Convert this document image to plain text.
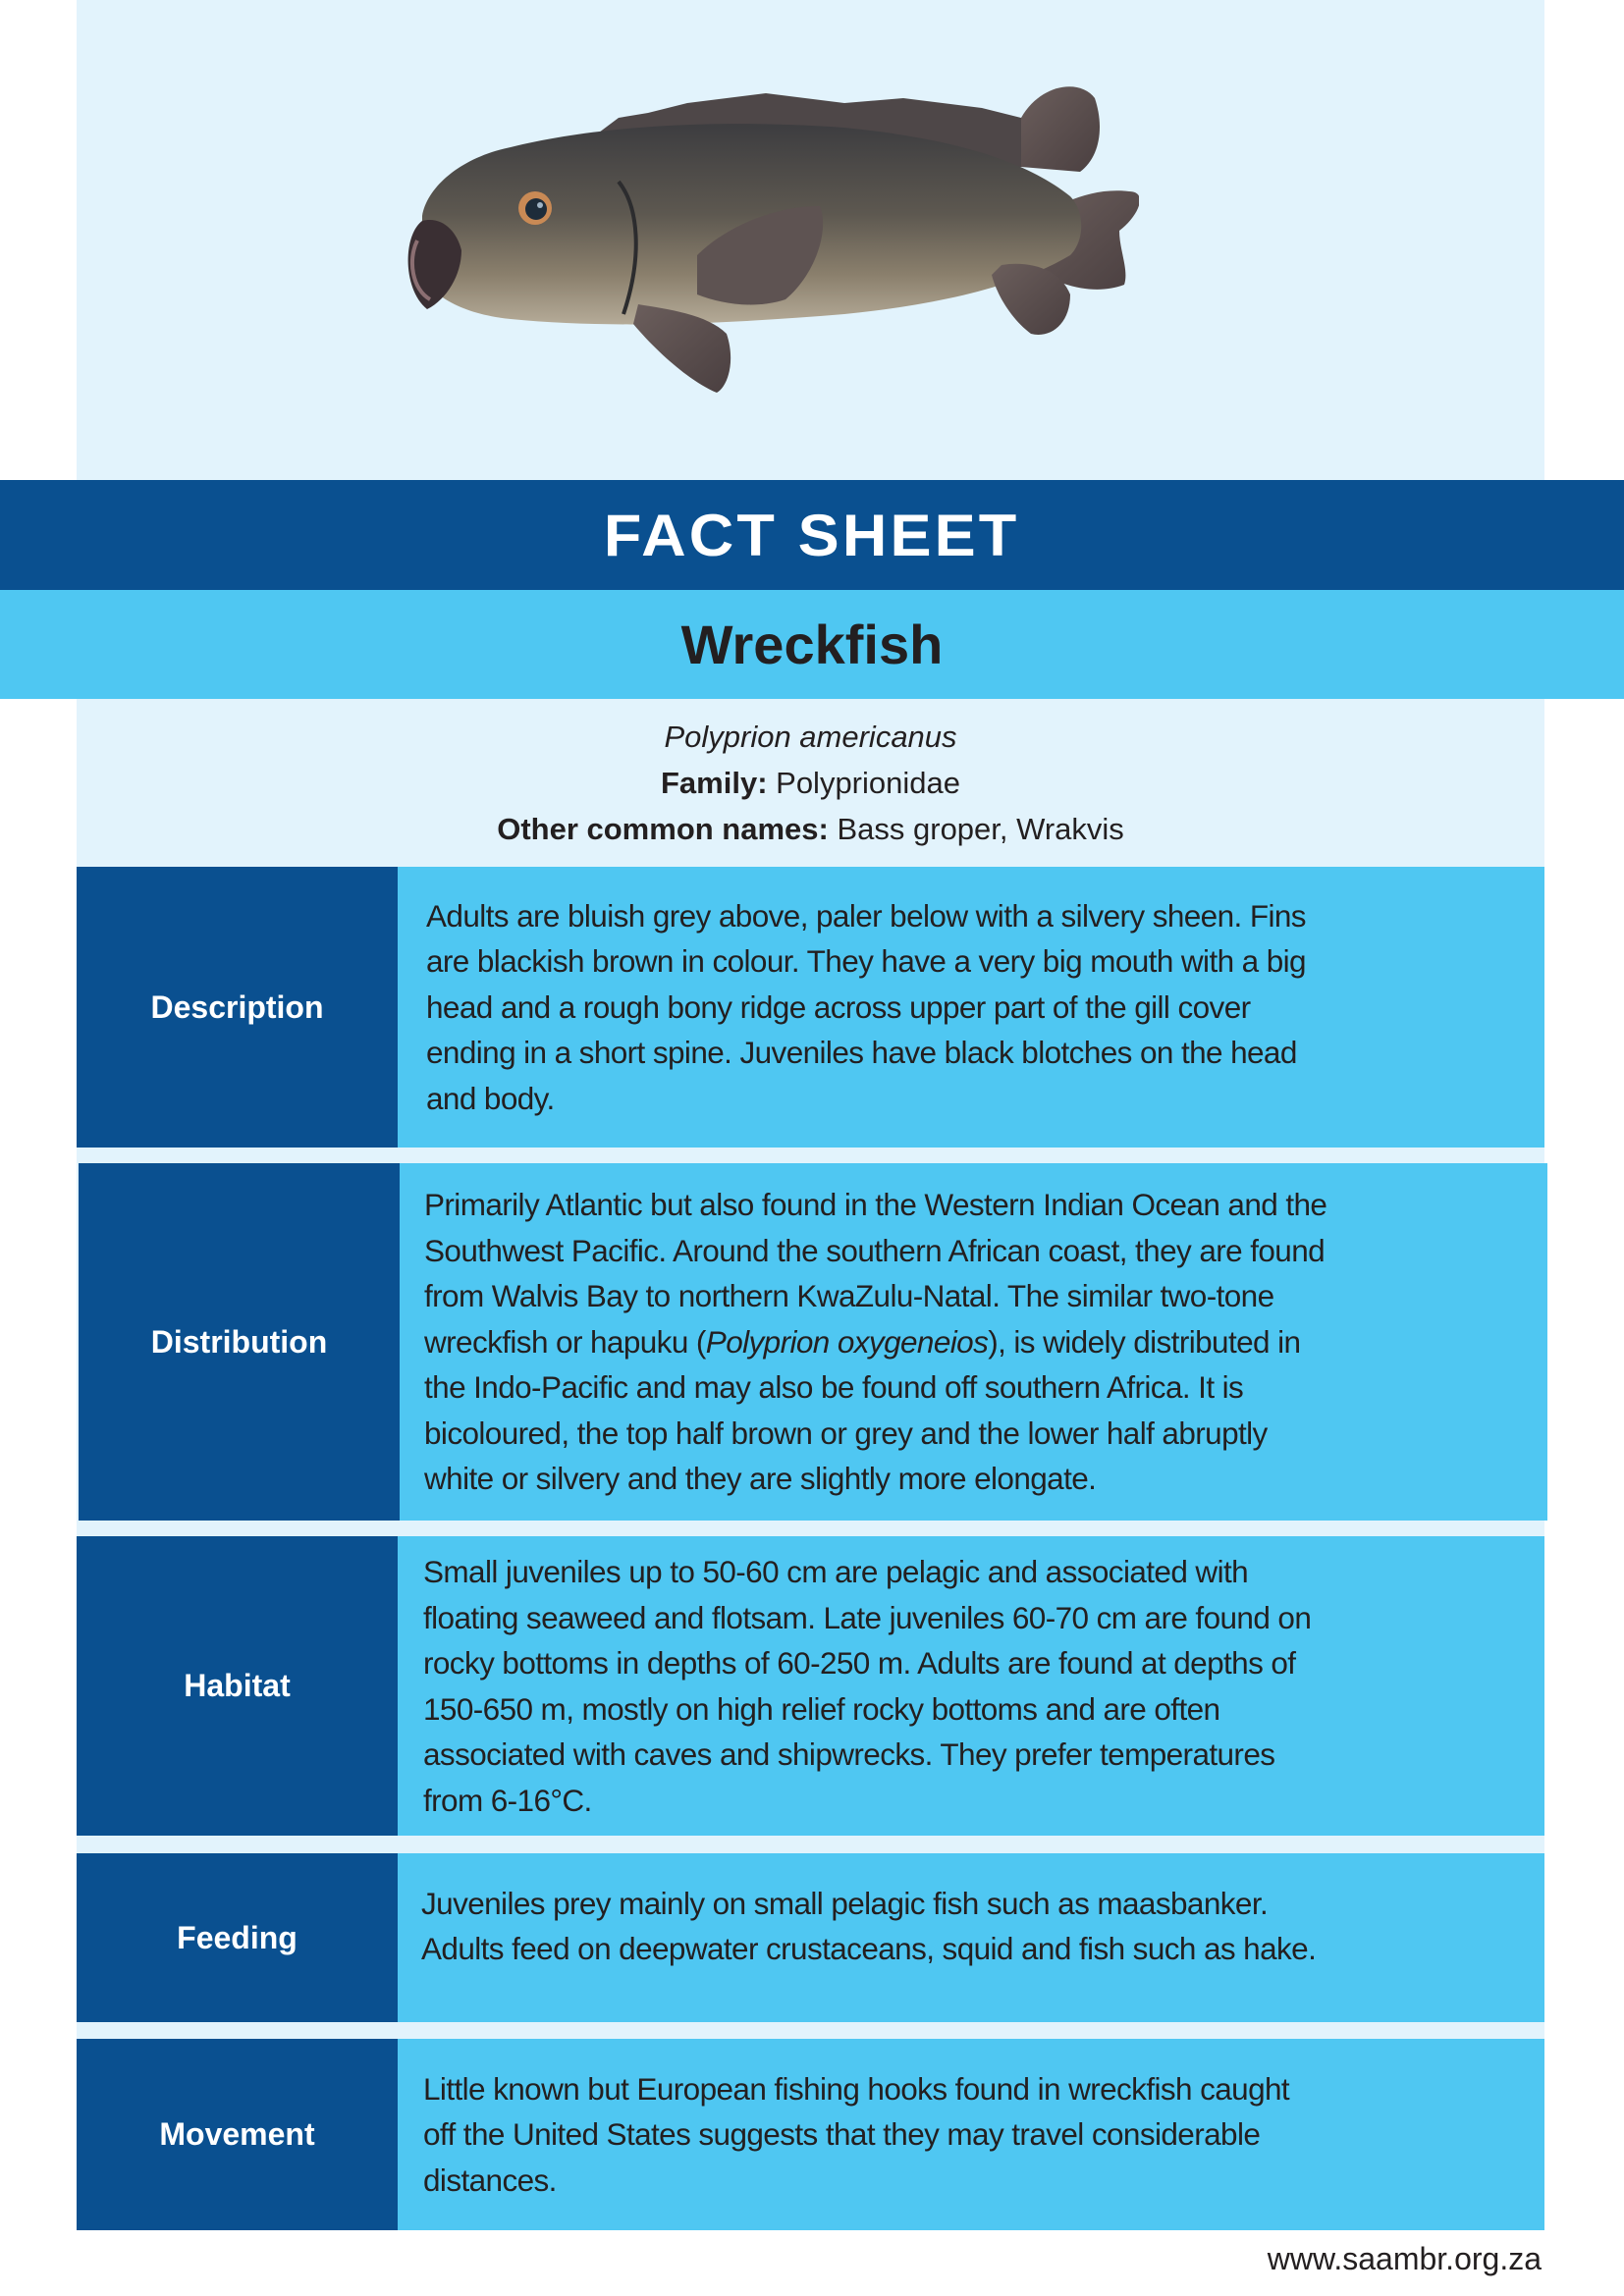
FACT SHEET
Wreckfish
Polyprion americanus
Family: Polyprionidae
Other common names: Bass groper, Wrakvis
Description
Adults are bluish grey above, paler below with a silvery sheen. Fins
are blackish brown in colour. They have a very big mouth with a big
head and a rough bony ridge across upper part of the gill cover
ending in a short spine. Juveniles have black blotches on the head
and body.
Distribution
Primarily Atlantic but also found in the Western Indian Ocean and the
Southwest Pacific. Around the southern African coast, they are found
from Walvis Bay to northern KwaZulu-Natal. The similar two-tone
wreckfish or hapuku (Polyprion oxygeneios), is widely distributed in
the Indo-Pacific and may also be found off southern Africa. It is
bicoloured, the top half brown or grey and the lower half abruptly
white or silvery and they are slightly more elongate.
Habitat
Small juveniles up to 50-60 cm are pelagic and associated with
floating seaweed and flotsam. Late juveniles 60-70 cm are found on
rocky bottoms in depths of 60-250 m. Adults are found at depths of
150-650 m, mostly on high relief rocky bottoms and are often
associated with caves and shipwrecks. They prefer temperatures
from 6-16°C.
Feeding
Juveniles prey mainly on small pelagic fish such as maasbanker.
Adults feed on deepwater crustaceans, squid and fish such as hake.
Movement
Little known but European fishing hooks found in wreckfish caught
off the United States suggests that they may travel considerable
distances.
www.saambr.org.za
